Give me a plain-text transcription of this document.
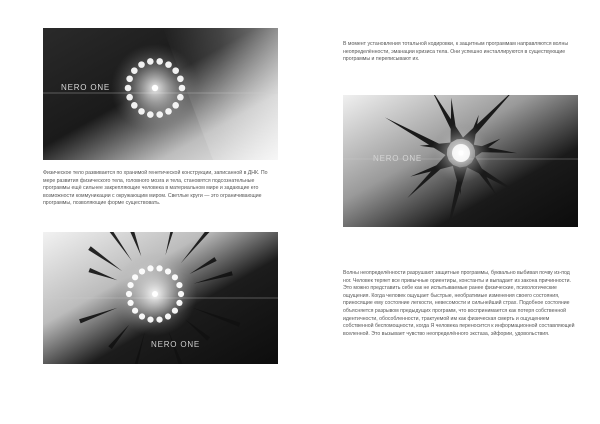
NERO ONE
Физическое тело развивается по хранимой генетической конструкции, записанной в ДНК. По мере развития физического тела, головного мозга и тела, становятся подсознательные программы ещё сильнее закрепляющие человека в материальном мире и задающие его возможности коммуникации с окружающим миром. Светлые круги — это ограничивающие программы, позволяющие форме существовать.
NERO ONE
В момент установления тотальной кодировки, к защитным программам направляются волны неопределённости, эманации кризиса тела. Они успешно инсталлируются в существующие программы и переписывают их.
NERO ONE
Волны неопределённости разрушают защитные программы, буквально выбивая почву из-под ног. Человек теряет все привычные ориентиры, константы и выпадает из закона причинности. Это можно представить себе как не испытываемые ранее физические, психологические ощущения. Когда человек ощущает быстрые, необратимые изменения своего состояния, приносящие ему состояние легкости, невесомости и сильнейший страх. Подобное состояние объясняется разрывом предыдущих программ, что воспринимается как потеря собственной идентичности, обособленности, трактуемой им как физическая смерть и ощущением собственной беспомощности, когда Я человека переносится к информационной составляющей вселенной. Это вызывает чувство неопределённого экстаза, эйфории, удовольствия.
